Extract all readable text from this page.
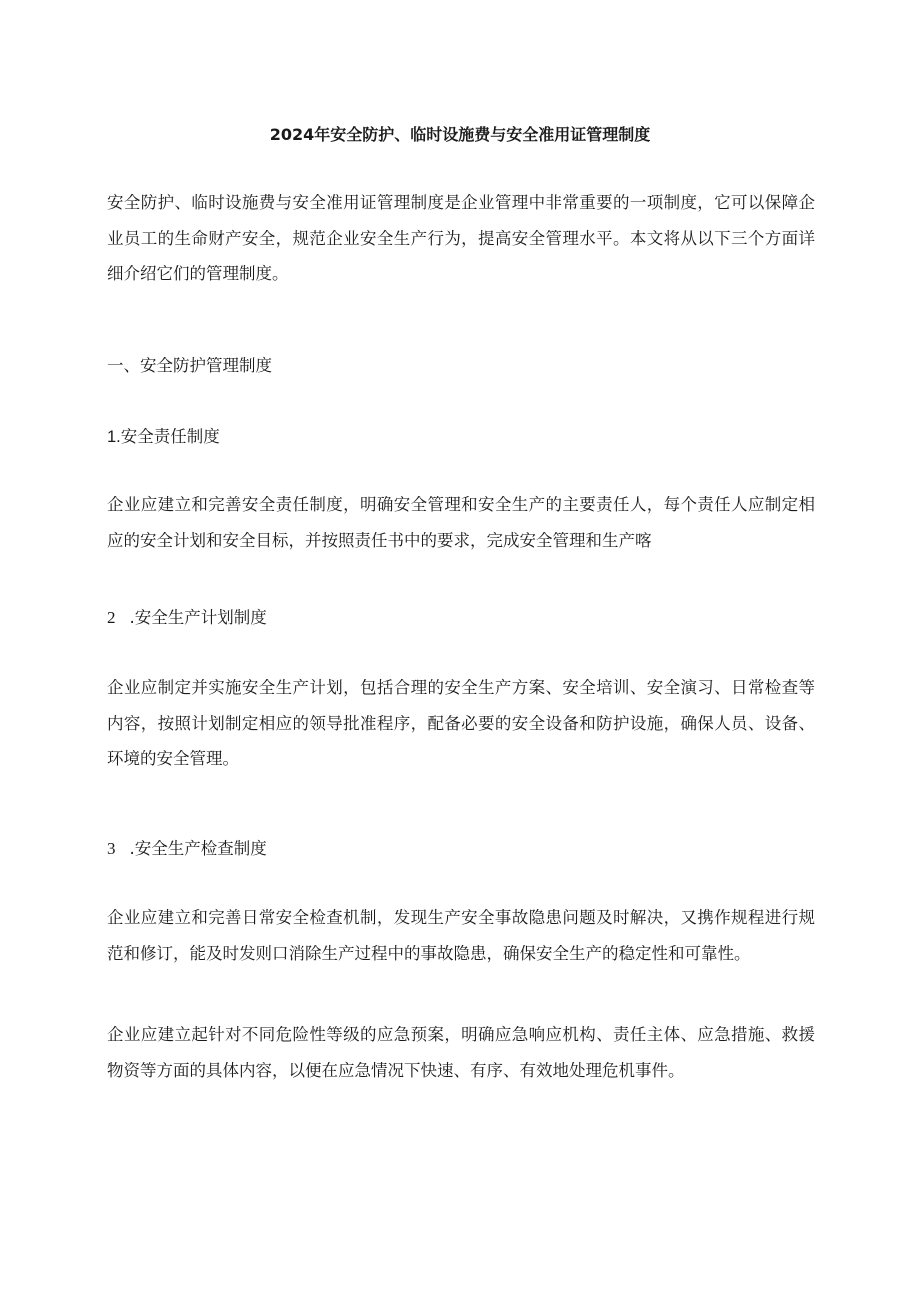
2024年安全防护、临时设施费与安全准用证管理制度
安全防护、临时设施费与安全准用证管理制度是企业管理中非常重要的一项制度，它可以保障企业员工的生命财产安全，规范企业安全生产行为，提高安全管理水平。本文将从以下三个方面详细介绍它们的管理制度。
一、安全防护管理制度
1.安全责任制度
企业应建立和完善安全责任制度，明确安全管理和安全生产的主要责任人，每个责任人应制定相应的安全计划和安全目标，并按照责任书中的要求，完成安全管理和生产喀
2 .安全生产计划制度
企业应制定并实施安全生产计划，包括合理的安全生产方案、安全培训、安全演习、日常检查等内容，按照计划制定相应的领导批准程序，配备必要的安全设备和防护设施，确保人员、设备、环境的安全管理。
3 .安全生产检查制度
企业应建立和完善日常安全检查机制，发现生产安全事故隐患问题及时解决，又携作规程进行规范和修订，能及时发则口消除生产过程中的事故隐患，确保安全生产的稳定性和可靠性。
企业应建立起针对不同危险性等级的应急预案，明确应急响应机构、责任主体、应急措施、救援物资等方面的具体内容，以便在应急情况下快速、有序、有效地处理危机事件。
